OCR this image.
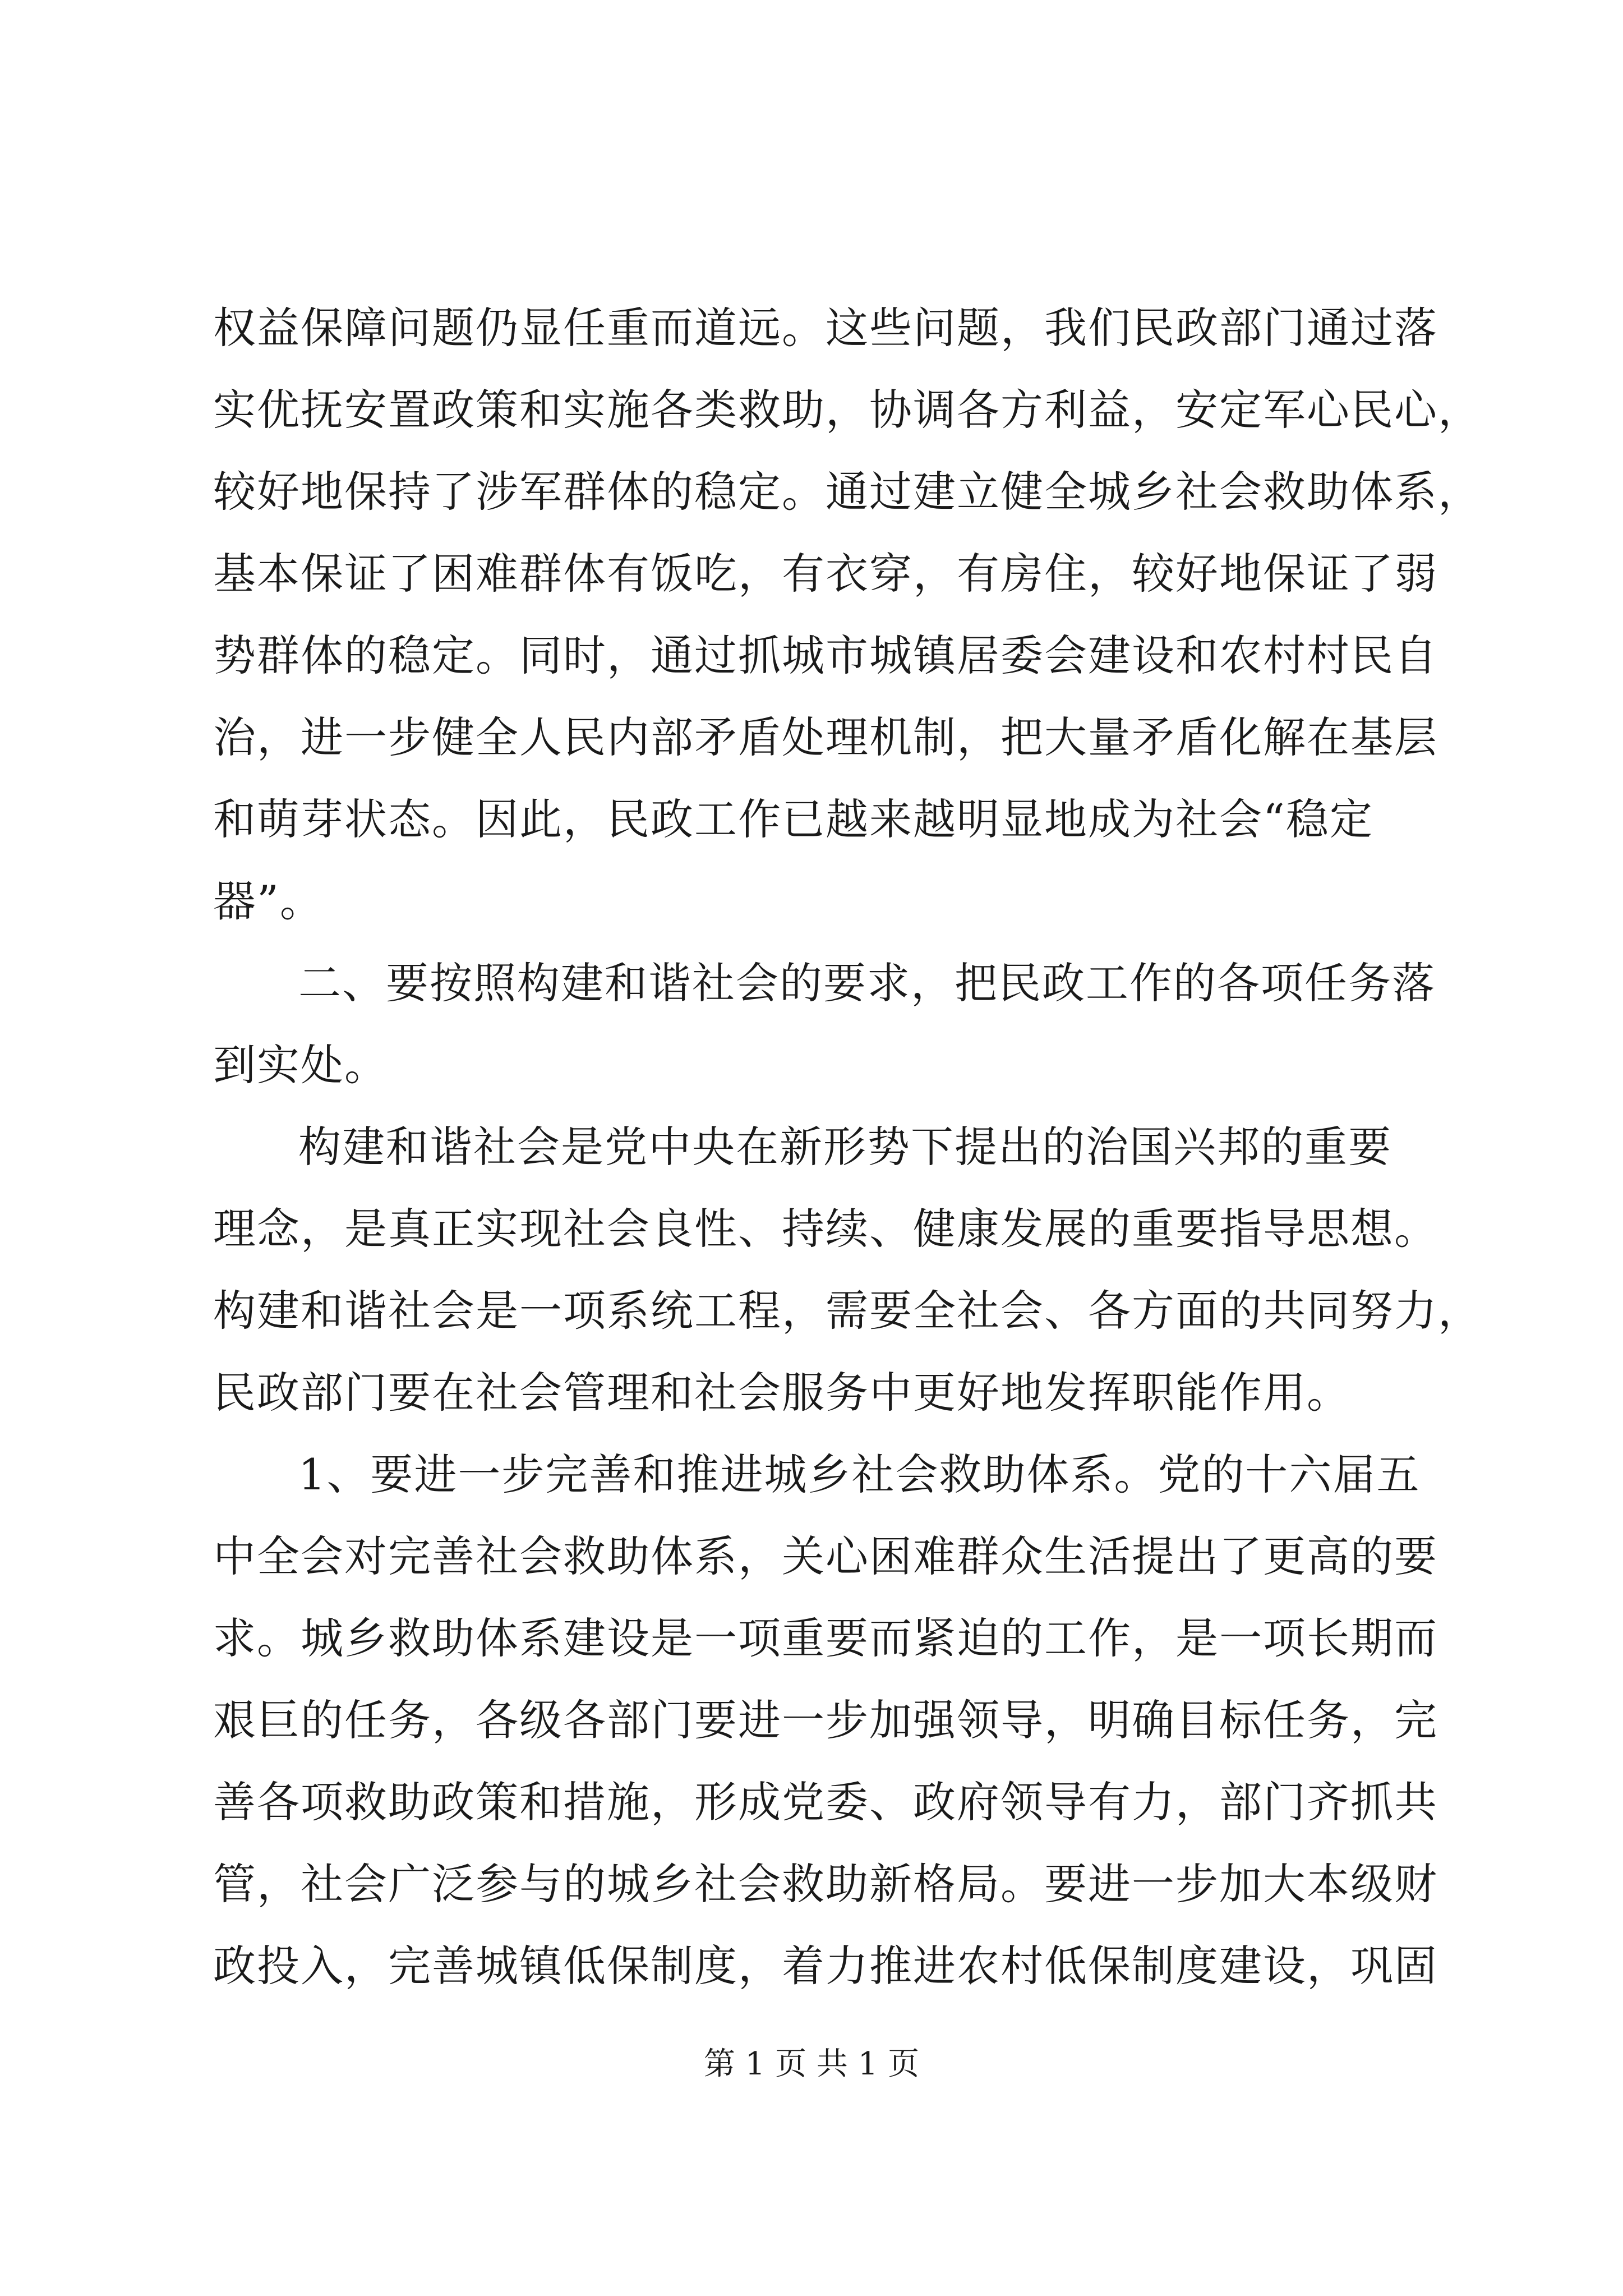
权益保障问题仍显任重而道远。这些问题，我们民政部门通过落
实优抚安置政策和实施各类救助，协调各方利益，安定军心民心，
较好地保持了涉军群体的稳定。通过建立健全城乡社会救助体系，
基本保证了困难群体有饭吃，有衣穿，有房住，较好地保证了弱
势群体的稳定。同时，通过抓城市城镇居委会建设和农村村民自
治，进一步健全人民内部矛盾处理机制，把大量矛盾化解在基层
和萌芽状态。因此，民政工作已越来越明显地成为社会“稳定
器”。
二、要按照构建和谐社会的要求，把民政工作的各项任务落
到实处。
构建和谐社会是党中央在新形势下提出的治国兴邦的重要
理念，是真正实现社会良性、持续、健康发展的重要指导思想。
构建和谐社会是一项系统工程，需要全社会、各方面的共同努力，
民政部门要在社会管理和社会服务中更好地发挥职能作用。
1、要进一步完善和推进城乡社会救助体系。党的十六届五
中全会对完善社会救助体系，关心困难群众生活提出了更高的要
求。城乡救助体系建设是一项重要而紧迫的工作，是一项长期而
艰巨的任务，各级各部门要进一步加强领导，明确目标任务，完
善各项救助政策和措施，形成党委、政府领导有力，部门齐抓共
管，社会广泛参与的城乡社会救助新格局。要进一步加大本级财
政投入，完善城镇低保制度，着力推进农村低保制度建设，巩固
第 1 页 共 1 页
